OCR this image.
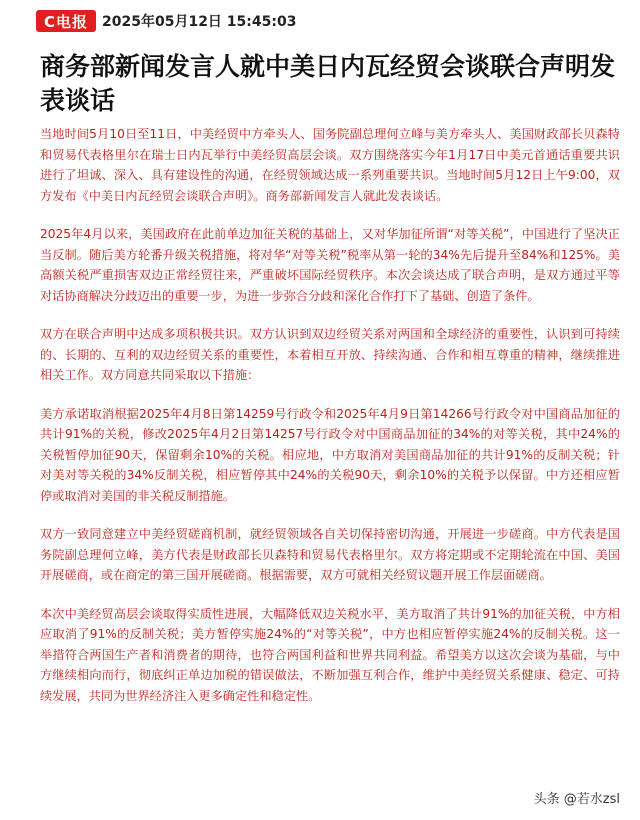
C电报	2025年05月12日 15:45:03
商务部新闻发言人就中美日内瓦经贸会谈联合声明发表谈话

当地时间5月10日至11日，中美经贸中方牵头人、国务院副总理何立峰与美方牵头人、美国财政部长贝森特和贸易代表格里尔在瑞士日内瓦举行中美经贸高层会谈。双方围绕落实今年1月17日中美元首通话重要共识进行了坦诚、深入、具有建设性的沟通，在经贸领域达成一系列重要共识。当地时间5月12日上午9:00，双方发布《中美日内瓦经贸会谈联合声明》。商务部新闻发言人就此发表谈话。

2025年4月以来，美国政府在此前单边加征关税的基础上，又对华加征所谓“对等关税”，中国进行了坚决正当反制。随后美方轮番升级关税措施，将对华“对等关税”税率从第一轮的34%先后提升至84%和125%。美高额关税严重损害双边正常经贸往来，严重破坏国际经贸秩序。本次会谈达成了联合声明，是双方通过平等对话协商解决分歧迈出的重要一步，为进一步弥合分歧和深化合作打下了基础、创造了条件。

双方在联合声明中达成多项积极共识。双方认识到双边经贸关系对两国和全球经济的重要性，认识到可持续的、长期的、互利的双边经贸关系的重要性，本着相互开放、持续沟通、合作和相互尊重的精神，继续推进相关工作。双方同意共同采取以下措施：

美方承诺取消根据2025年4月8日第14259号行政令和2025年4月9日第14266号行政令对中国商品加征的共计91%的关税，修改2025年4月2日第14257号行政令对中国商品加征的34%的对等关税，其中24%的关税暂停加征90天，保留剩余10%的关税。相应地，中方取消对美国商品加征的共计91%的反制关税；针对美对等关税的34%反制关税，相应暂停其中24%的关税90天，剩余10%的关税予以保留。中方还相应暂停或取消对美国的非关税反制措施。

双方一致同意建立中美经贸磋商机制，就经贸领域各自关切保持密切沟通，开展进一步磋商。中方代表是国务院副总理何立峰，美方代表是财政部长贝森特和贸易代表格里尔。双方将定期或不定期轮流在中国、美国开展磋商，或在商定的第三国开展磋商。根据需要，双方可就相关经贸议题开展工作层面磋商。

本次中美经贸高层会谈取得实质性进展，大幅降低双边关税水平，美方取消了共计91%的加征关税，中方相应取消了91%的反制关税；美方暂停实施24%的“对等关税”，中方也相应暂停实施24%的反制关税。这一举措符合两国生产者和消费者的期待，也符合两国利益和世界共同利益。希望美方以这次会谈为基础，与中方继续相向而行，彻底纠正单边加税的错误做法，不断加强互利合作，维护中美经贸关系健康、稳定、可持续发展，共同为世界经济注入更多确定性和稳定性。

头条 @若水zsl
